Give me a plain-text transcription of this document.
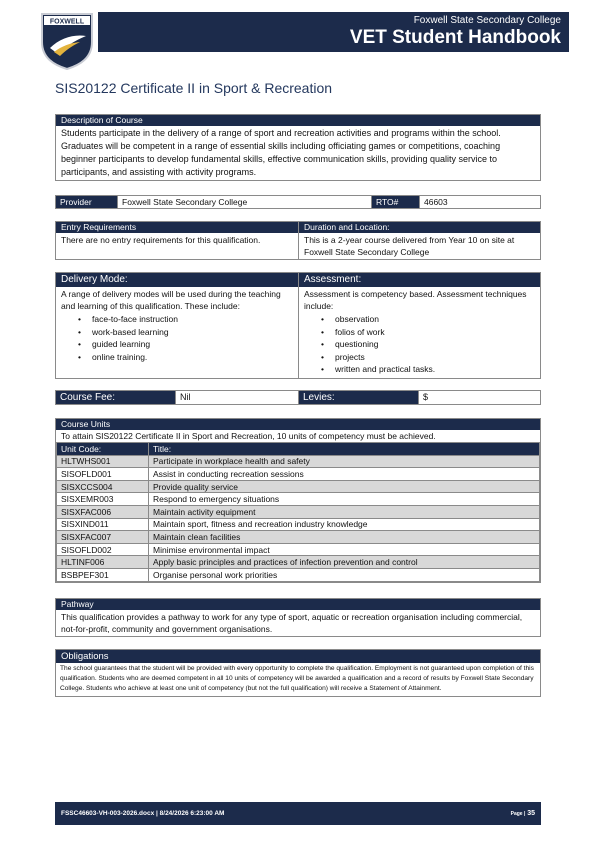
FOXWELL	Foxwell State Secondary College
VET Student Handbook
SIS20122 Certificate II in Sport & Recreation
Description of Course
Students participate in the delivery of a range of sport and recreation activities and programs within the school. Graduates will be competent in a range of essential skills including officiating games or competitions, coaching beginner participants to develop fundamental skills, effective communication skills, providing quality service to participants, and assisting with activity programs.
Provider	Foxwell State Secondary College	RTO#	46603
Entry Requirements
There are no entry requirements for this qualification.
Duration and Location:
This is a 2-year course delivered from Year 10 on site at Foxwell State Secondary College
Delivery Mode:
A range of delivery modes will be used during the teaching and learning of this qualification. These include:
• face-to-face instruction
• work-based learning
• guided learning
• online training.
Assessment:
Assessment is competency based. Assessment techniques include:
• observation
• folios of work
• questioning
• projects
• written and practical tasks.
Course Fee:	Nil	Levies:	$
Course Units
To attain SIS20122 Certificate II in Sport and Recreation, 10 units of competency must be achieved.
Unit Code:	Title:
HLTWHS001	Participate in workplace health and safety
SISOFLD001	Assist in conducting recreation sessions
SISXCCS004	Provide quality service
SISXEMR003	Respond to emergency situations
SISXFAC006	Maintain activity equipment
SISXIND011	Maintain sport, fitness and recreation industry knowledge
SISXFAC007	Maintain clean facilities
SISOFLD002	Minimise environmental impact
HLTINF006	Apply basic principles and practices of infection prevention and control
BSBPEF301	Organise personal work priorities
Pathway
This qualification provides a pathway to work for any type of sport, aquatic or recreation organisation including commercial, not-for-profit, community and government organisations.
Obligations
The school guarantees that the student will be provided with every opportunity to complete the qualification. Employment is not guaranteed upon completion of this qualification. Students who are deemed competent in all 10 units of competency will be awarded a qualification and a record of results by Foxwell State Secondary College. Students who achieve at least one unit of competency (but not the full qualification) will receive a Statement of Attainment.
FSSC46603-VH-003-2026.docx | 8/24/2026 6:23:00 AM	Page | 35
